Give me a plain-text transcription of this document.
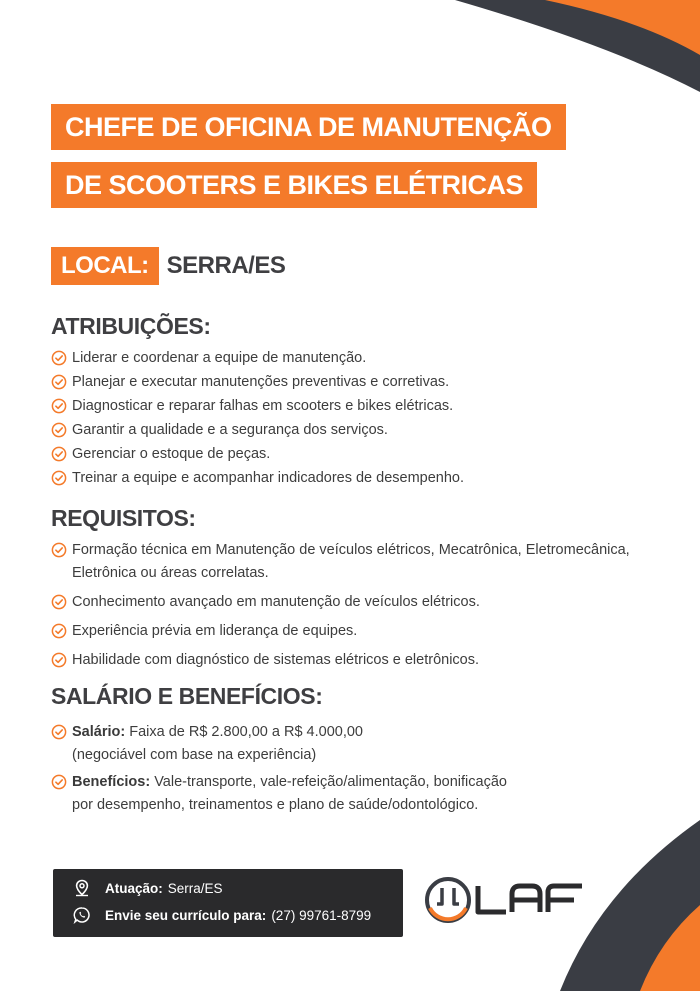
CHEFE DE OFICINA DE MANUTENÇÃO
DE SCOOTERS E BIKES ELÉTRICAS
LOCAL: SERRA/ES
ATRIBUIÇÕES:
Liderar e coordenar a equipe de manutenção.
Planejar e executar manutenções preventivas e corretivas.
Diagnosticar e reparar falhas em scooters e bikes elétricas.
Garantir a qualidade e a segurança dos serviços.
Gerenciar o estoque de peças.
Treinar a equipe e acompanhar indicadores de desempenho.
REQUISITOS:
Formação técnica em Manutenção de veículos elétricos, Mecatrônica, Eletromecânica, Eletrônica ou áreas correlatas.
Conhecimento avançado em manutenção de veículos elétricos.
Experiência prévia em liderança de equipes.
Habilidade com diagnóstico de sistemas elétricos e eletrônicos.
SALÁRIO E BENEFÍCIOS:
Salário: Faixa de R$ 2.800,00 a R$ 4.000,00
(negociável com base na experiência)
Benefícios: Vale-transporte, vale-refeição/alimentação, bonificação
por desempenho, treinamentos e plano de saúde/odontológico.
Atuação: Serra/ES
Envie seu currículo para: (27) 99761-8799
